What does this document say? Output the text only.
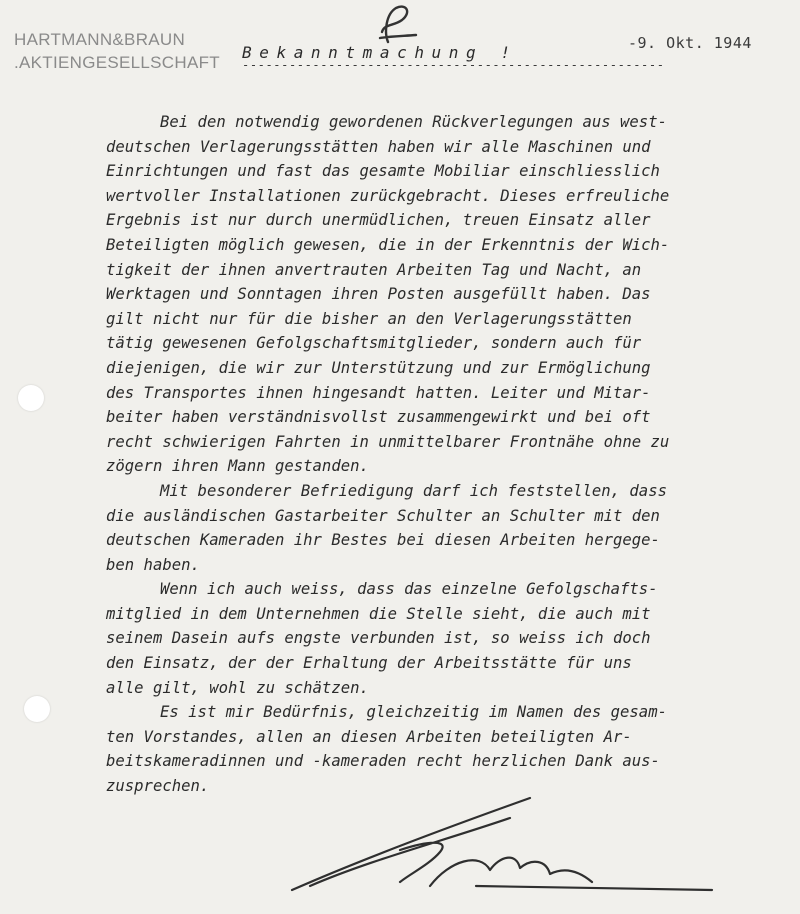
HARTMANN&BRAUN
.AKTIENGESELLSCHAFT
Bekanntmachung !
------------------------------------------------------
-9. Okt. 1944
Bei den notwendig gewordenen Rückverlegungen aus west-
deutschen Verlagerungsstätten haben wir alle Maschinen und
Einrichtungen und fast das gesamte Mobiliar einschliesslich
wertvoller Installationen zurückgebracht. Dieses erfreuliche
Ergebnis ist nur durch unermüdlichen, treuen Einsatz aller
Beteiligten möglich gewesen, die in der Erkenntnis der Wich-
tigkeit der ihnen anvertrauten Arbeiten Tag und Nacht, an
Werktagen und Sonntagen ihren Posten ausgefüllt haben. Das
gilt nicht nur für die bisher an den Verlagerungsstätten
tätig gewesenen Gefolgschaftsmitglieder, sondern auch für
diejenigen, die wir zur Unterstützung und zur Ermöglichung
des Transportes ihnen hingesandt hatten. Leiter und Mitar-
beiter haben verständnisvollst zusammengewirkt und bei oft
recht schwierigen Fahrten in unmittelbarer Frontnähe ohne zu
zögern ihren Mann gestanden.
Mit besonderer Befriedigung darf ich feststellen, dass
die ausländischen Gastarbeiter Schulter an Schulter mit den
deutschen Kameraden ihr Bestes bei diesen Arbeiten hergege-
ben haben.
Wenn ich auch weiss, dass das einzelne Gefolgschafts-
mitglied in dem Unternehmen die Stelle sieht, die auch mit
seinem Dasein aufs engste verbunden ist, so weiss ich doch
den Einsatz, der der Erhaltung der Arbeitsstätte für uns
alle gilt, wohl zu schätzen.
Es ist mir Bedürfnis, gleichzeitig im Namen des gesam-
ten Vorstandes, allen an diesen Arbeiten beteiligten Ar-
beitskameradinnen und -kameraden recht herzlichen Dank aus-
zusprechen.
